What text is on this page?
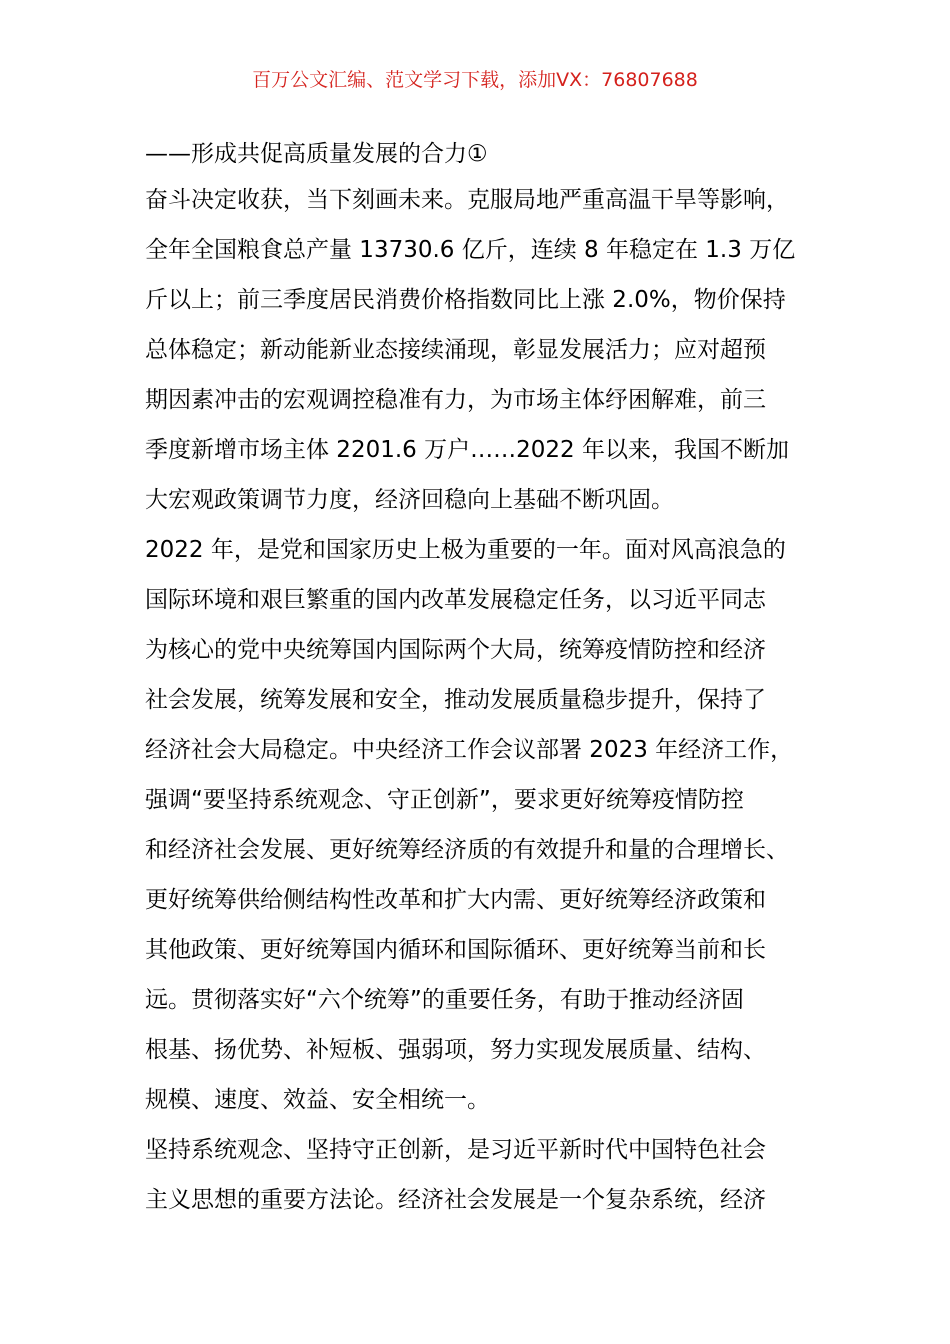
百万公文汇编、范文学习下载，添加VX：76807688
——形成共促高质量发展的合力①
奋斗决定收获，当下刻画未来。克服局地严重高温干旱等影响，
全年全国粮食总产量 13730.6 亿斤，连续 8 年稳定在 1.3 万亿
斤以上；前三季度居民消费价格指数同比上涨 2.0%，物价保持
总体稳定；新动能新业态接续涌现，彰显发展活力；应对超预
期因素冲击的宏观调控稳准有力，为市场主体纾困解难，前三
季度新增市场主体 2201.6 万户……2022 年以来，我国不断加
大宏观政策调节力度，经济回稳向上基础不断巩固。
2022 年，是党和国家历史上极为重要的一年。面对风高浪急的
国际环境和艰巨繁重的国内改革发展稳定任务，以习近平同志
为核心的党中央统筹国内国际两个大局，统筹疫情防控和经济
社会发展，统筹发展和安全，推动发展质量稳步提升，保持了
经济社会大局稳定。中央经济工作会议部署 2023 年经济工作，
强调“要坚持系统观念、守正创新”，要求更好统筹疫情防控
和经济社会发展、更好统筹经济质的有效提升和量的合理增长、
更好统筹供给侧结构性改革和扩大内需、更好统筹经济政策和
其他政策、更好统筹国内循环和国际循环、更好统筹当前和长
远。贯彻落实好“六个统筹”的重要任务，有助于推动经济固
根基、扬优势、补短板、强弱项，努力实现发展质量、结构、
规模、速度、效益、安全相统一。
坚持系统观念、坚持守正创新，是习近平新时代中国特色社会
主义思想的重要方法论。经济社会发展是一个复杂系统，经济
